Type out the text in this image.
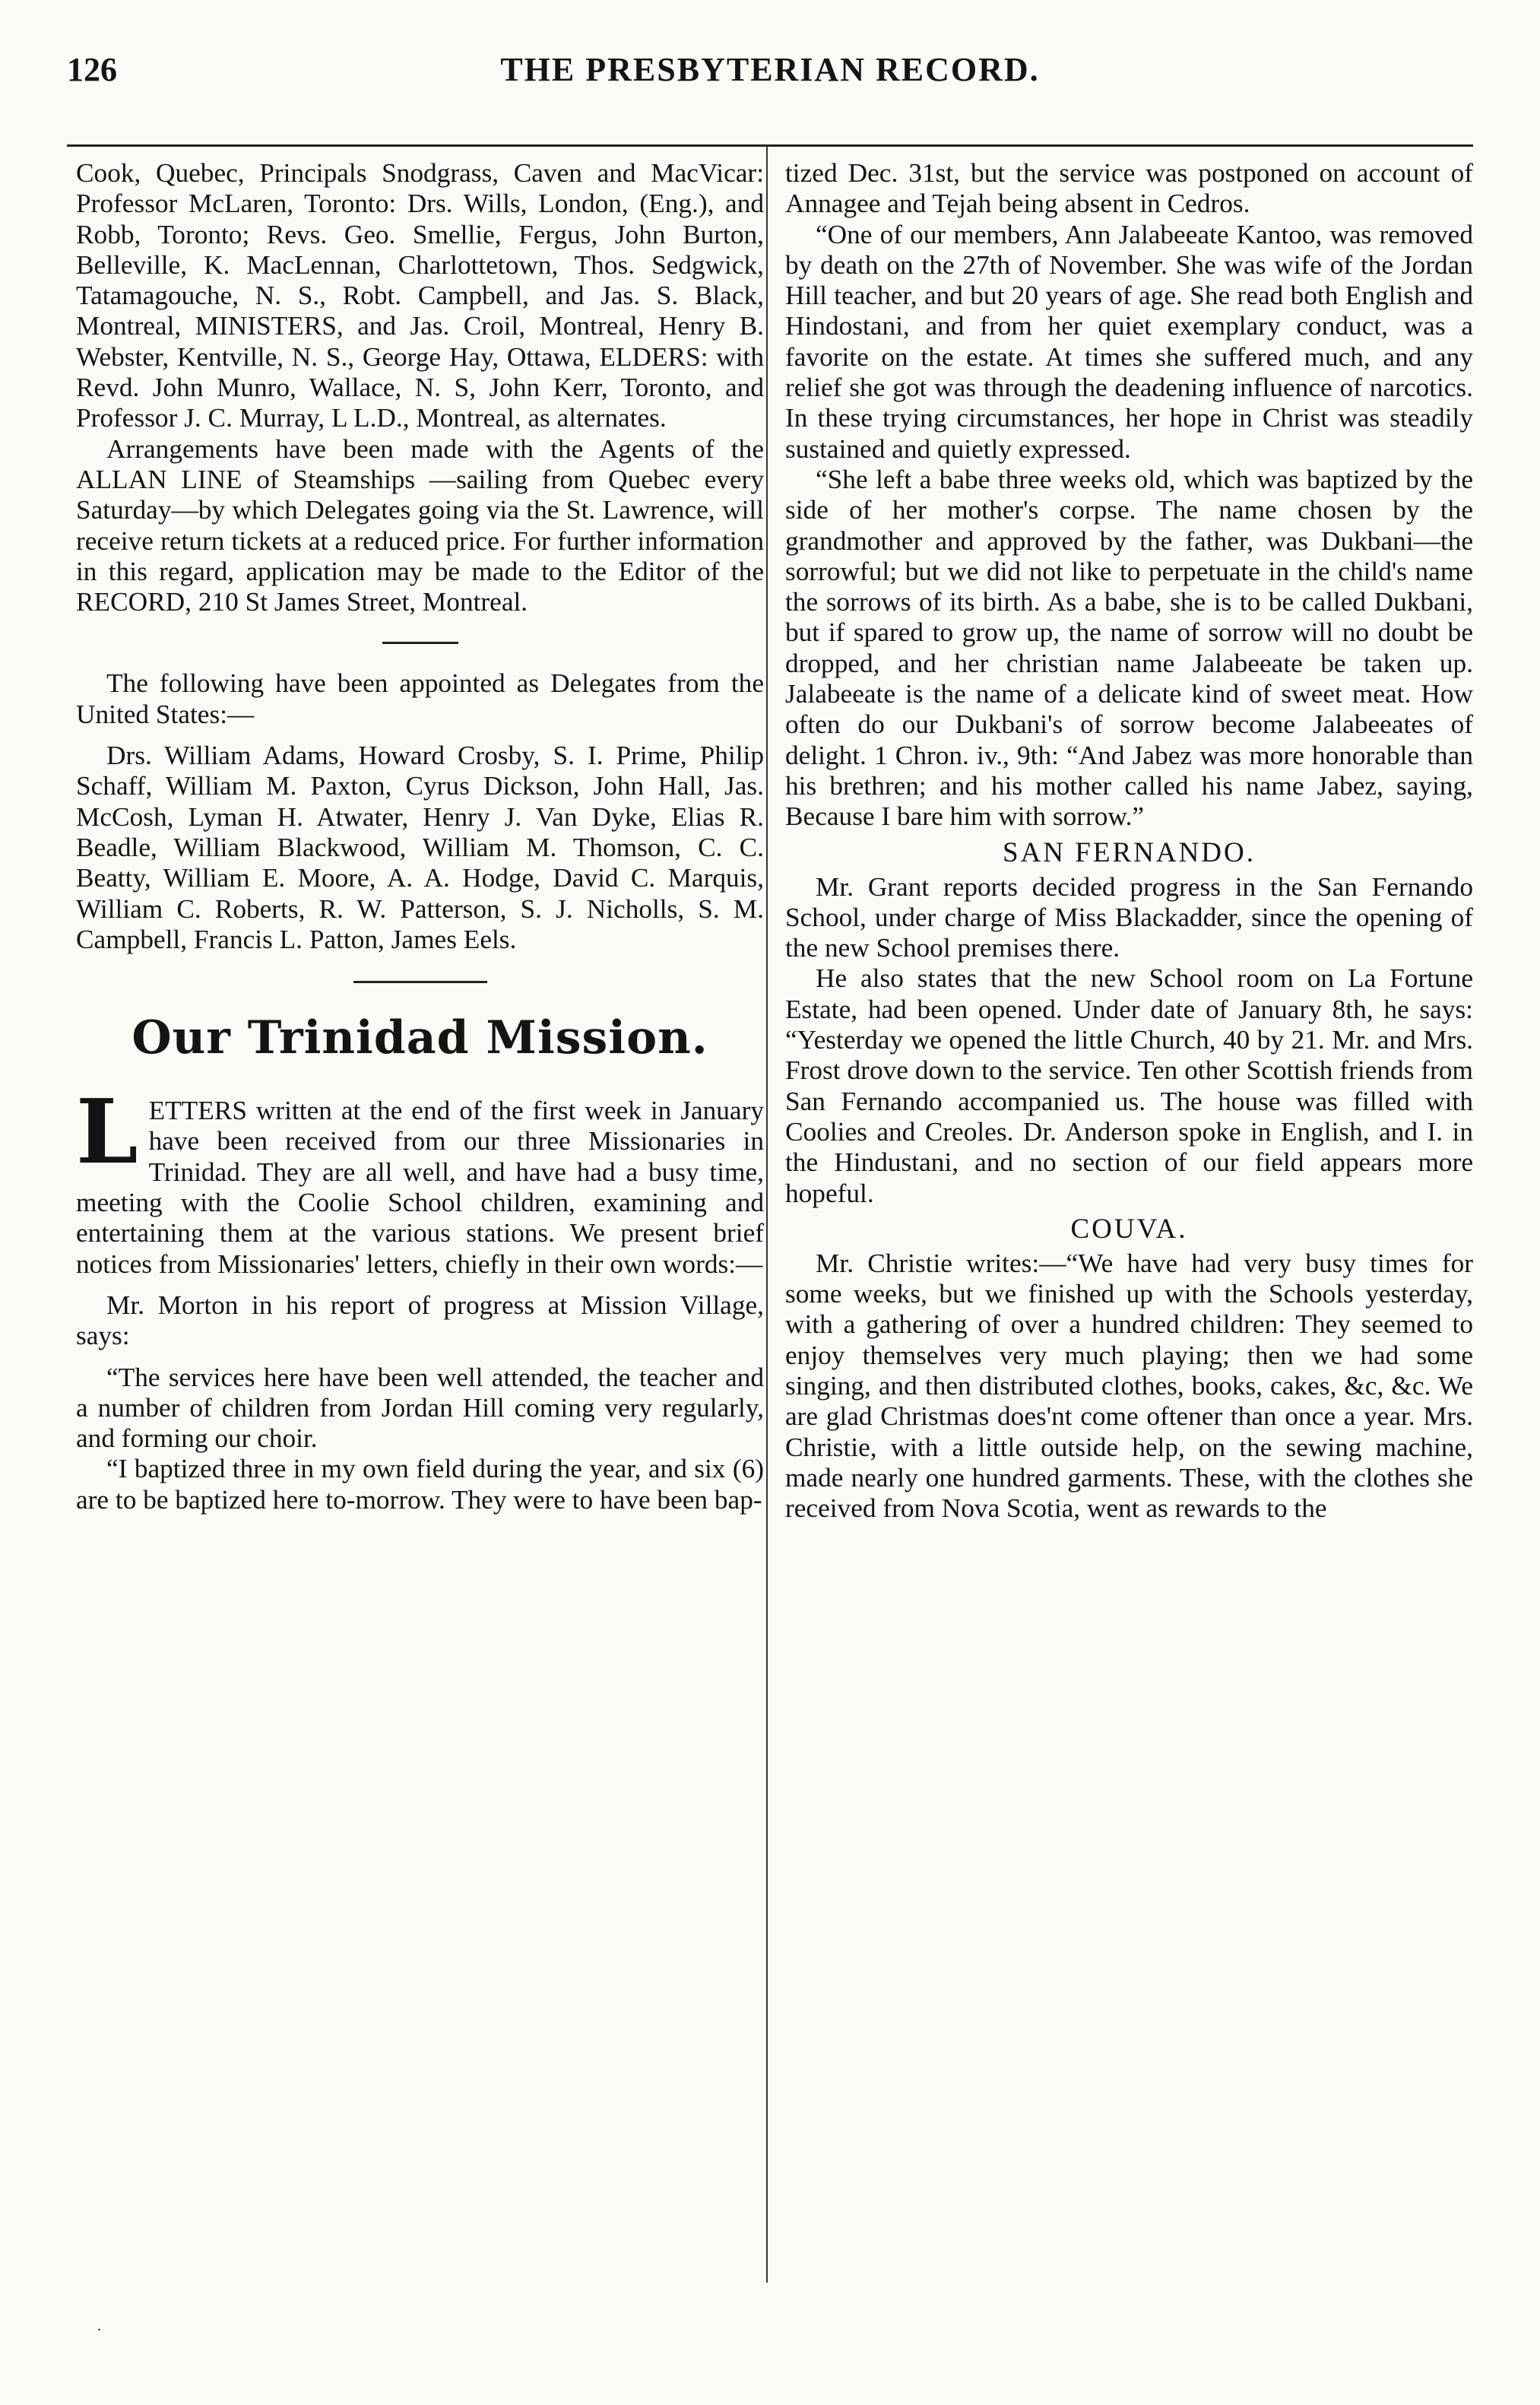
126	THE PRESBYTERIAN RECORD.

Cook, Quebec, Principals Snodgrass, Caven and MacVicar: Professor McLaren, Toronto: Drs. Wills, London, (Eng.), and Robb, Toronto; Revs. Geo. Smellie, Fergus, John Burton, Belleville, K. MacLennan, Charlottetown, Thos. Sedgwick, Tatamagouche, N. S., Robt. Campbell, and Jas. S. Black, Montreal, MINISTERS, and Jas. Croil, Montreal, Henry B. Webster, Kentville, N. S., George Hay, Ottawa, ELDERS: with Revd. John Munro, Wallace, N. S, John Kerr, Toronto, and Professor J. C. Murray, L L.D., Montreal, as alternates.

Arrangements have been made with the Agents of the ALLAN LINE of Steamships —sailing from Quebec every Saturday—by which Delegates going via the St. Lawrence, will receive return tickets at a reduced price. For further information in this regard, application may be made to the Editor of the RECORD, 210 St James Street, Montreal.

The following have been appointed as Delegates from the United States:—

Drs. William Adams, Howard Crosby, S. I. Prime, Philip Schaff, William M. Paxton, Cyrus Dickson, John Hall, Jas. McCosh, Lyman H. Atwater, Henry J. Van Dyke, Elias R. Beadle, William Blackwood, William M. Thomson, C. C. Beatty, William E. Moore, A. A. Hodge, David C. Marquis, William C. Roberts, R. W. Patterson, S. J. Nicholls, S. M. Campbell, Francis L. Patton, James Eels.

Our Trinidad Mission.

LETTERS written at the end of the first week in January have been received from our three Missionaries in Trinidad. They are all well, and have had a busy time, meeting with the Coolie School children, examining and entertaining them at the various stations. We present brief notices from Missionaries' letters, chiefly in their own words:—

Mr. Morton in his report of progress at Mission Village, says:

“The services here have been well attended, the teacher and a number of children from Jordan Hill coming very regularly, and forming our choir.

“I baptized three in my own field during the year, and six (6) are to be baptized here to-morrow. They were to have been bap-

tized Dec. 31st, but the service was postponed on account of Annagee and Tejah being absent in Cedros.

“One of our members, Ann Jalabeeate Kantoo, was removed by death on the 27th of November. She was wife of the Jordan Hill teacher, and but 20 years of age. She read both English and Hindostani, and from her quiet exemplary conduct, was a favorite on the estate. At times she suffered much, and any relief she got was through the deadening influence of narcotics. In these trying circumstances, her hope in Christ was steadily sustained and quietly expressed.

“She left a babe three weeks old, which was baptized by the side of her mother's corpse. The name chosen by the grandmother and approved by the father, was Dukbani—the sorrowful; but we did not like to perpetuate in the child's name the sorrows of its birth. As a babe, she is to be called Dukbani, but if spared to grow up, the name of sorrow will no doubt be dropped, and her christian name Jalabeeate be taken up. Jalabeeate is the name of a delicate kind of sweet meat. How often do our Dukbani's of sorrow become Jalabeeates of delight. 1 Chron. iv., 9th: “And Jabez was more honorable than his brethren; and his mother called his name Jabez, saying, Because I bare him with sorrow.”

SAN FERNANDO.

Mr. Grant reports decided progress in the San Fernando School, under charge of Miss Blackadder, since the opening of the new School premises there.

He also states that the new School room on La Fortune Estate, had been opened. Under date of January 8th, he says: “Yesterday we opened the little Church, 40 by 21. Mr. and Mrs. Frost drove down to the service. Ten other Scottish friends from San Fernando accompanied us. The house was filled with Coolies and Creoles. Dr. Anderson spoke in English, and I. in the Hindustani, and no section of our field appears more hopeful.

COUVA.

Mr. Christie writes:—“We have had very busy times for some weeks, but we finished up with the Schools yesterday, with a gathering of over a hundred children: They seemed to enjoy themselves very much playing; then we had some singing, and then distributed clothes, books, cakes, &c, &c. We are glad Christmas does'nt come oftener than once a year. Mrs. Christie, with a little outside help, on the sewing machine, made nearly one hundred garments. These, with the clothes she received from Nova Scotia, went as rewards to the

.
